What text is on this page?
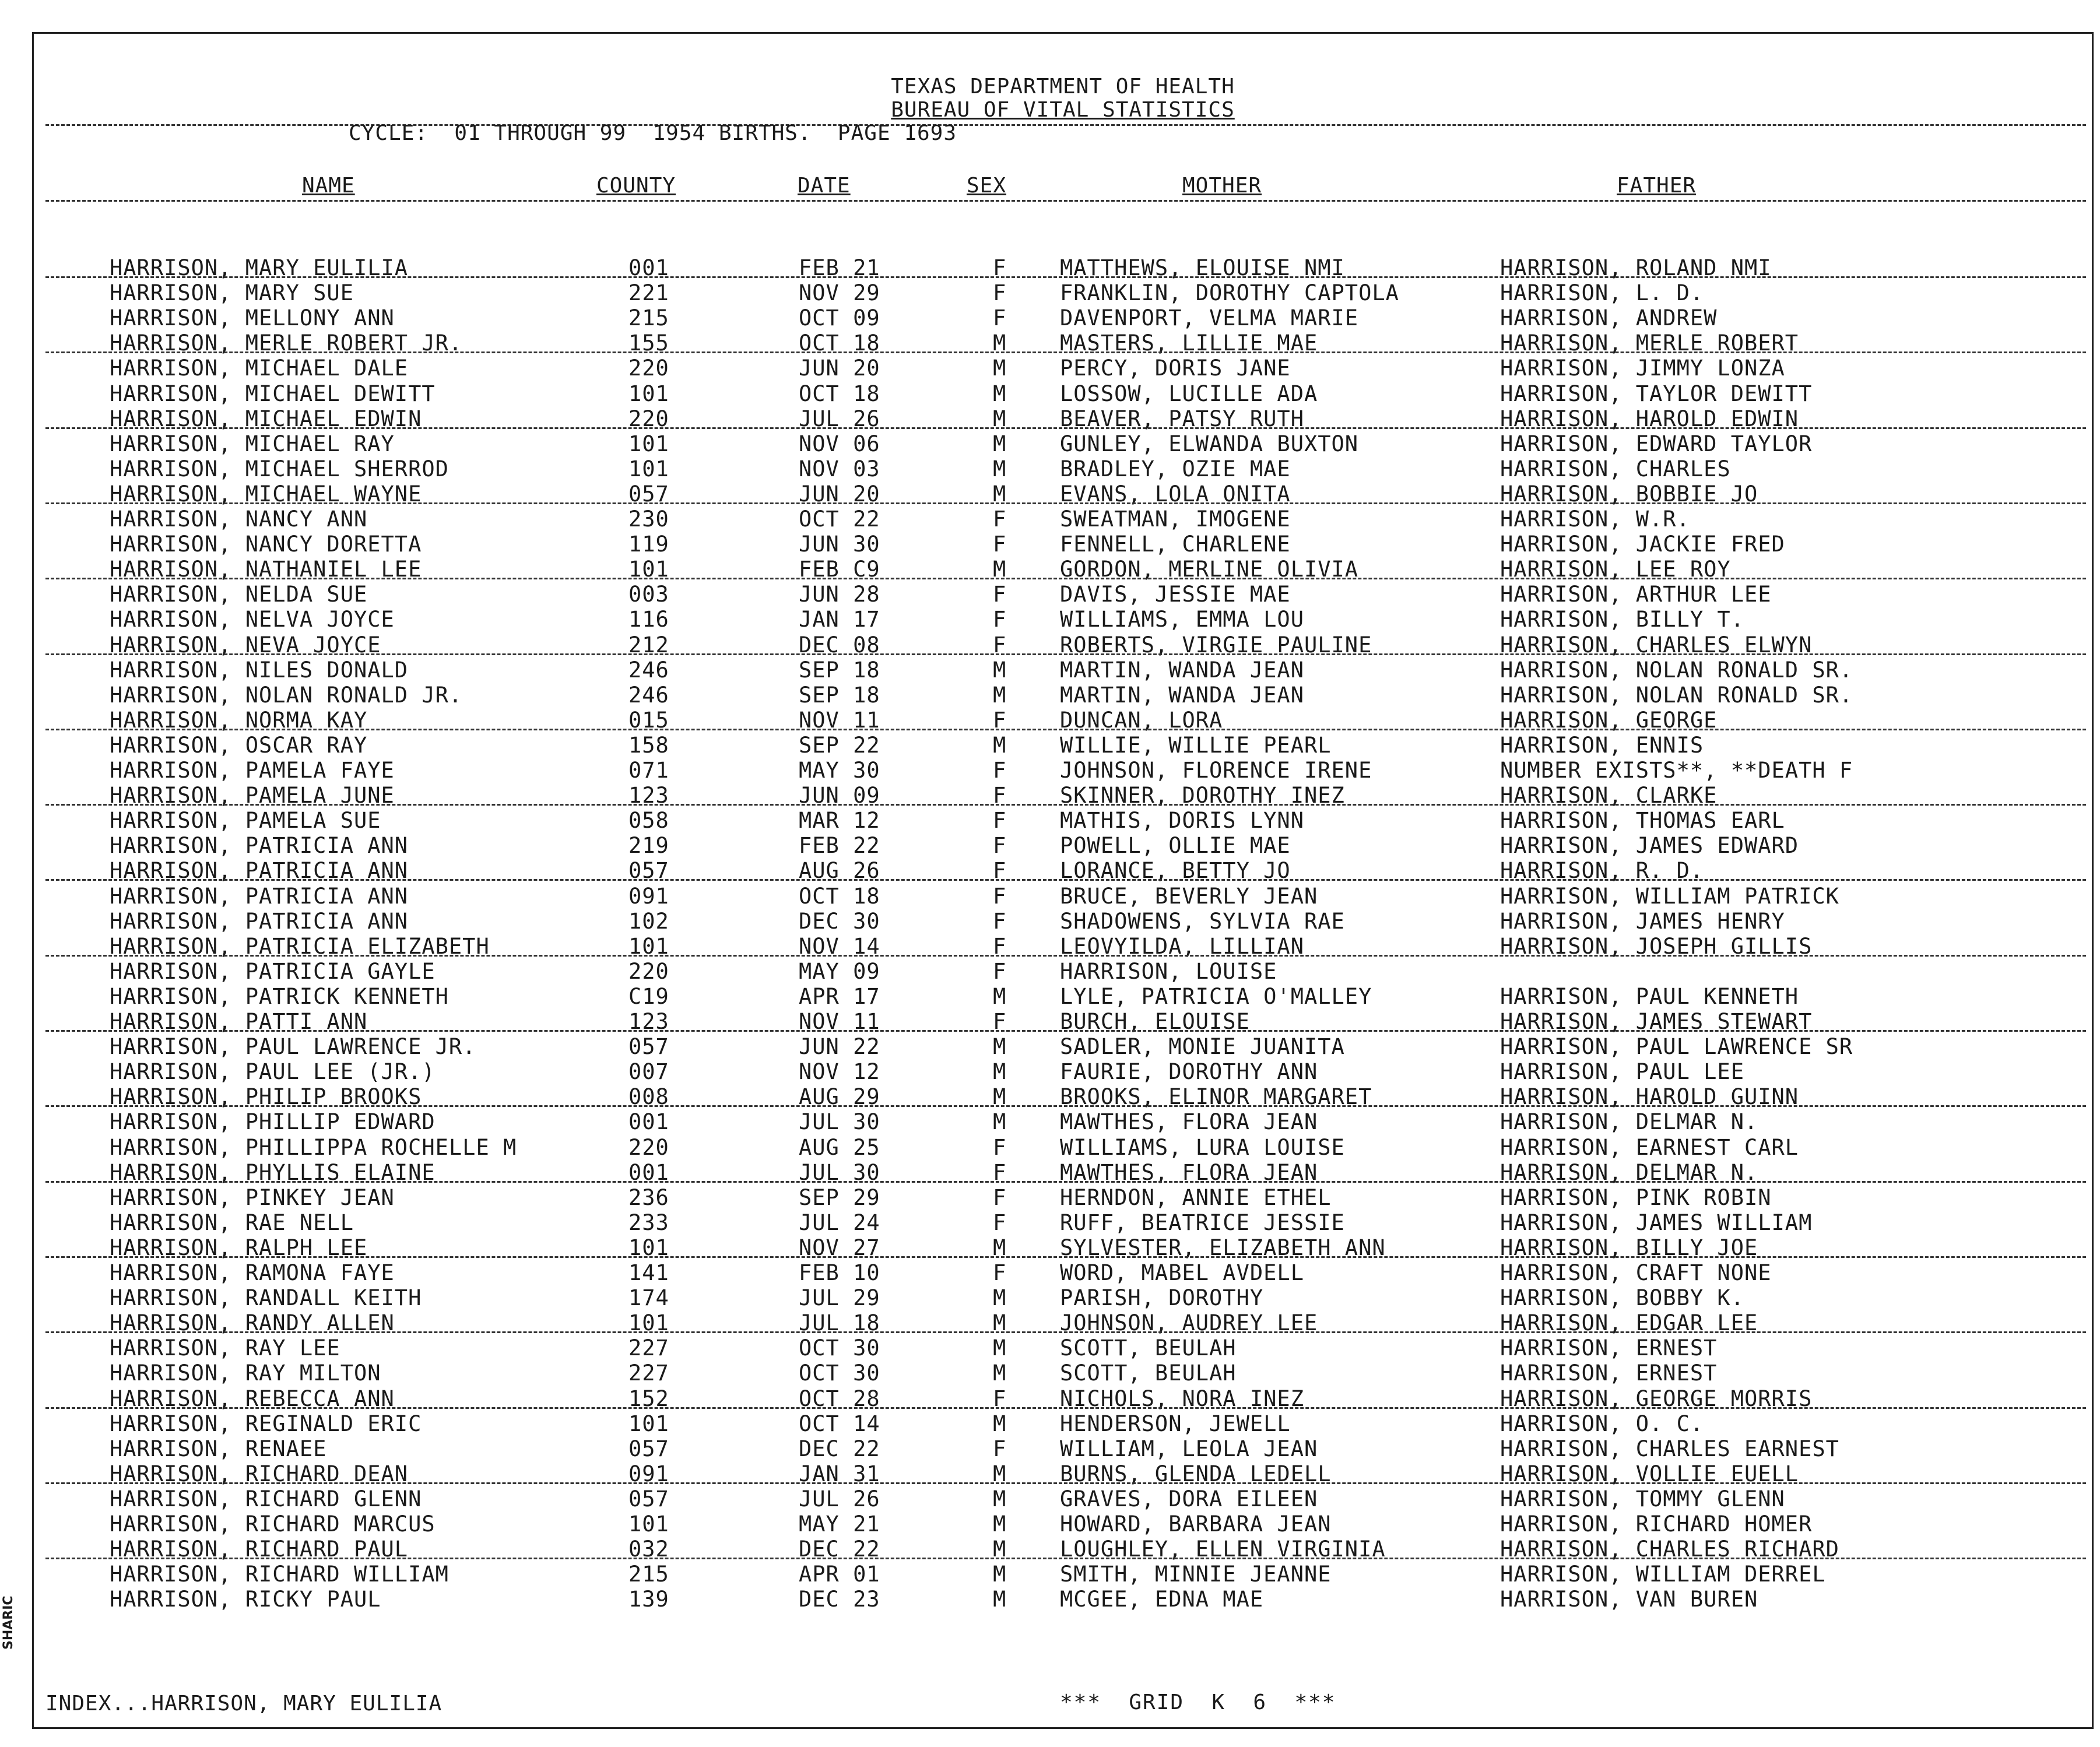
TEXAS DEPARTMENT OF HEALTH
BUREAU OF VITAL STATISTICS
CYCLE:  01 THROUGH 99  1954 BIRTHS.  PAGE 1693
NAME	COUNTY	DATE	SEX	MOTHER	FATHER
HARRISON, MARY EULILIA	001	FEB 21	F MATTHEWS, ELOUISE NMI	HARRISON, ROLAND NMI
HARRISON, MARY SUE	221	NOV 29	F FRANKLIN, DOROTHY CAPTOLA	HARRISON, L. D.
HARRISON, MELLONY ANN	215	OCT 09	F DAVENPORT, VELMA MARIE	HARRISON, ANDREW
HARRISON, MERLE ROBERT JR.	155	OCT 18	M MASTERS, LILLIE MAE	HARRISON, MERLE ROBERT
HARRISON, MICHAEL DALE	220	JUN 20	M PERCY, DORIS JANE	HARRISON, JIMMY LONZA
HARRISON, MICHAEL DEWITT	101	OCT 18	M LOSSOW, LUCILLE ADA	HARRISON, TAYLOR DEWITT
HARRISON, MICHAEL EDWIN	220	JUL 26	M BEAVER, PATSY RUTH	HARRISON, HAROLD EDWIN
HARRISON, MICHAEL RAY	101	NOV 06	M GUNLEY, ELWANDA BUXTON	HARRISON, EDWARD TAYLOR
HARRISON, MICHAEL SHERROD	101	NOV 03	M BRADLEY, OZIE MAE	HARRISON, CHARLES
HARRISON, MICHAEL WAYNE	057	JUN 20	M EVANS, LOLA ONITA	HARRISON, BOBBIE JO
HARRISON, NANCY ANN	230	OCT 22	F SWEATMAN, IMOGENE	HARRISON, W.R.
HARRISON, NANCY DORETTA	119	JUN 30	F FENNELL, CHARLENE	HARRISON, JACKIE FRED
HARRISON, NATHANIEL LEE	101	FEB C9	M GORDON, MERLINE OLIVIA	HARRISON, LEE ROY
HARRISON, NELDA SUE	003	JUN 28	F DAVIS, JESSIE MAE	HARRISON, ARTHUR LEE
HARRISON, NELVA JOYCE	116	JAN 17	F WILLIAMS, EMMA LOU	HARRISON, BILLY T.
HARRISON, NEVA JOYCE	212	DEC 08	F ROBERTS, VIRGIE PAULINE	HARRISON, CHARLES ELWYN
HARRISON, NILES DONALD	246	SEP 18	M MARTIN, WANDA JEAN	HARRISON, NOLAN RONALD SR.
HARRISON, NOLAN RONALD JR.	246	SEP 18	M MARTIN, WANDA JEAN	HARRISON, NOLAN RONALD SR.
HARRISON, NORMA KAY	015	NOV 11	F DUNCAN, LORA	HARRISON, GEORGE
HARRISON, OSCAR RAY	158	SEP 22	M WILLIE, WILLIE PEARL	HARRISON, ENNIS
HARRISON, PAMELA FAYE	071	MAY 30	F JOHNSON, FLORENCE IRENE	NUMBER EXISTS**, **DEATH F
HARRISON, PAMELA JUNE	123	JUN 09	F SKINNER, DOROTHY INEZ	HARRISON, CLARKE
HARRISON, PAMELA SUE	058	MAR 12	F MATHIS, DORIS LYNN	HARRISON, THOMAS EARL
HARRISON, PATRICIA ANN	219	FEB 22	F POWELL, OLLIE MAE	HARRISON, JAMES EDWARD
HARRISON, PATRICIA ANN	057	AUG 26	F LORANCE, BETTY JO	HARRISON, R. D.
HARRISON, PATRICIA ANN	091	OCT 18	F BRUCE, BEVERLY JEAN	HARRISON, WILLIAM PATRICK
HARRISON, PATRICIA ANN	102	DEC 30	F SHADOWENS, SYLVIA RAE	HARRISON, JAMES HENRY
HARRISON, PATRICIA ELIZABETH	101	NOV 14	F LEOVYILDA, LILLIAN	HARRISON, JOSEPH GILLIS
HARRISON, PATRICIA GAYLE	220	MAY 09	F HARRISON, LOUISE
HARRISON, PATRICK KENNETH	C19	APR 17	M LYLE, PATRICIA O'MALLEY	HARRISON, PAUL KENNETH
HARRISON, PATTI ANN	123	NOV 11	F BURCH, ELOUISE	HARRISON, JAMES STEWART
HARRISON, PAUL LAWRENCE JR.	057	JUN 22	M SADLER, MONIE JUANITA	HARRISON, PAUL LAWRENCE SR
HARRISON, PAUL LEE (JR.)	007	NOV 12	M FAURIE, DOROTHY ANN	HARRISON, PAUL LEE
HARRISON, PHILIP BROOKS	008	AUG 29	M BROOKS, ELINOR MARGARET	HARRISON, HAROLD GUINN
HARRISON, PHILLIP EDWARD	001	JUL 30	M MAWTHES, FLORA JEAN	HARRISON, DELMAR N.
HARRISON, PHILLIPPA ROCHELLE M	220	AUG 25	F WILLIAMS, LURA LOUISE	HARRISON, EARNEST CARL
HARRISON, PHYLLIS ELAINE	001	JUL 30	F MAWTHES, FLORA JEAN	HARRISON, DELMAR N.
HARRISON, PINKEY JEAN	236	SEP 29	F HERNDON, ANNIE ETHEL	HARRISON, PINK ROBIN
HARRISON, RAE NELL	233	JUL 24	F RUFF, BEATRICE JESSIE	HARRISON, JAMES WILLIAM
HARRISON, RALPH LEE	101	NOV 27	M SYLVESTER, ELIZABETH ANN	HARRISON, BILLY JOE
HARRISON, RAMONA FAYE	141	FEB 10	F WORD, MABEL AVDELL	HARRISON, CRAFT NONE
HARRISON, RANDALL KEITH	174	JUL 29	M PARISH, DOROTHY	HARRISON, BOBBY K.
HARRISON, RANDY ALLEN	101	JUL 18	M JOHNSON, AUDREY LEE	HARRISON, EDGAR LEE
HARRISON, RAY LEE	227	OCT 30	M SCOTT, BEULAH	HARRISON, ERNEST
HARRISON, RAY MILTON	227	OCT 30	M SCOTT, BEULAH	HARRISON, ERNEST
HARRISON, REBECCA ANN	152	OCT 28	F NICHOLS, NORA INEZ	HARRISON, GEORGE MORRIS
HARRISON, REGINALD ERIC	101	OCT 14	M HENDERSON, JEWELL	HARRISON, O. C.
HARRISON, RENAEE	057	DEC 22	F WILLIAM, LEOLA JEAN	HARRISON, CHARLES EARNEST
HARRISON, RICHARD DEAN	091	JAN 31	M BURNS, GLENDA LEDELL	HARRISON, VOLLIE EUELL
HARRISON, RICHARD GLENN	057	JUL 26	M GRAVES, DORA EILEEN	HARRISON, TOMMY GLENN
HARRISON, RICHARD MARCUS	101	MAY 21	M HOWARD, BARBARA JEAN	HARRISON, RICHARD HOMER
HARRISON, RICHARD PAUL	032	DEC 22	M LOUGHLEY, ELLEN VIRGINIA	HARRISON, CHARLES RICHARD
HARRISON, RICHARD WILLIAM	215	APR 01	M SMITH, MINNIE JEANNE	HARRISON, WILLIAM DERREL
HARRISON, RICKY PAUL	139	DEC 23	M MCGEE, EDNA MAE	HARRISON, VAN BUREN
INDEX...HARRISON, MARY EULILIA	***  GRID  K  6  ***
SHARIC
